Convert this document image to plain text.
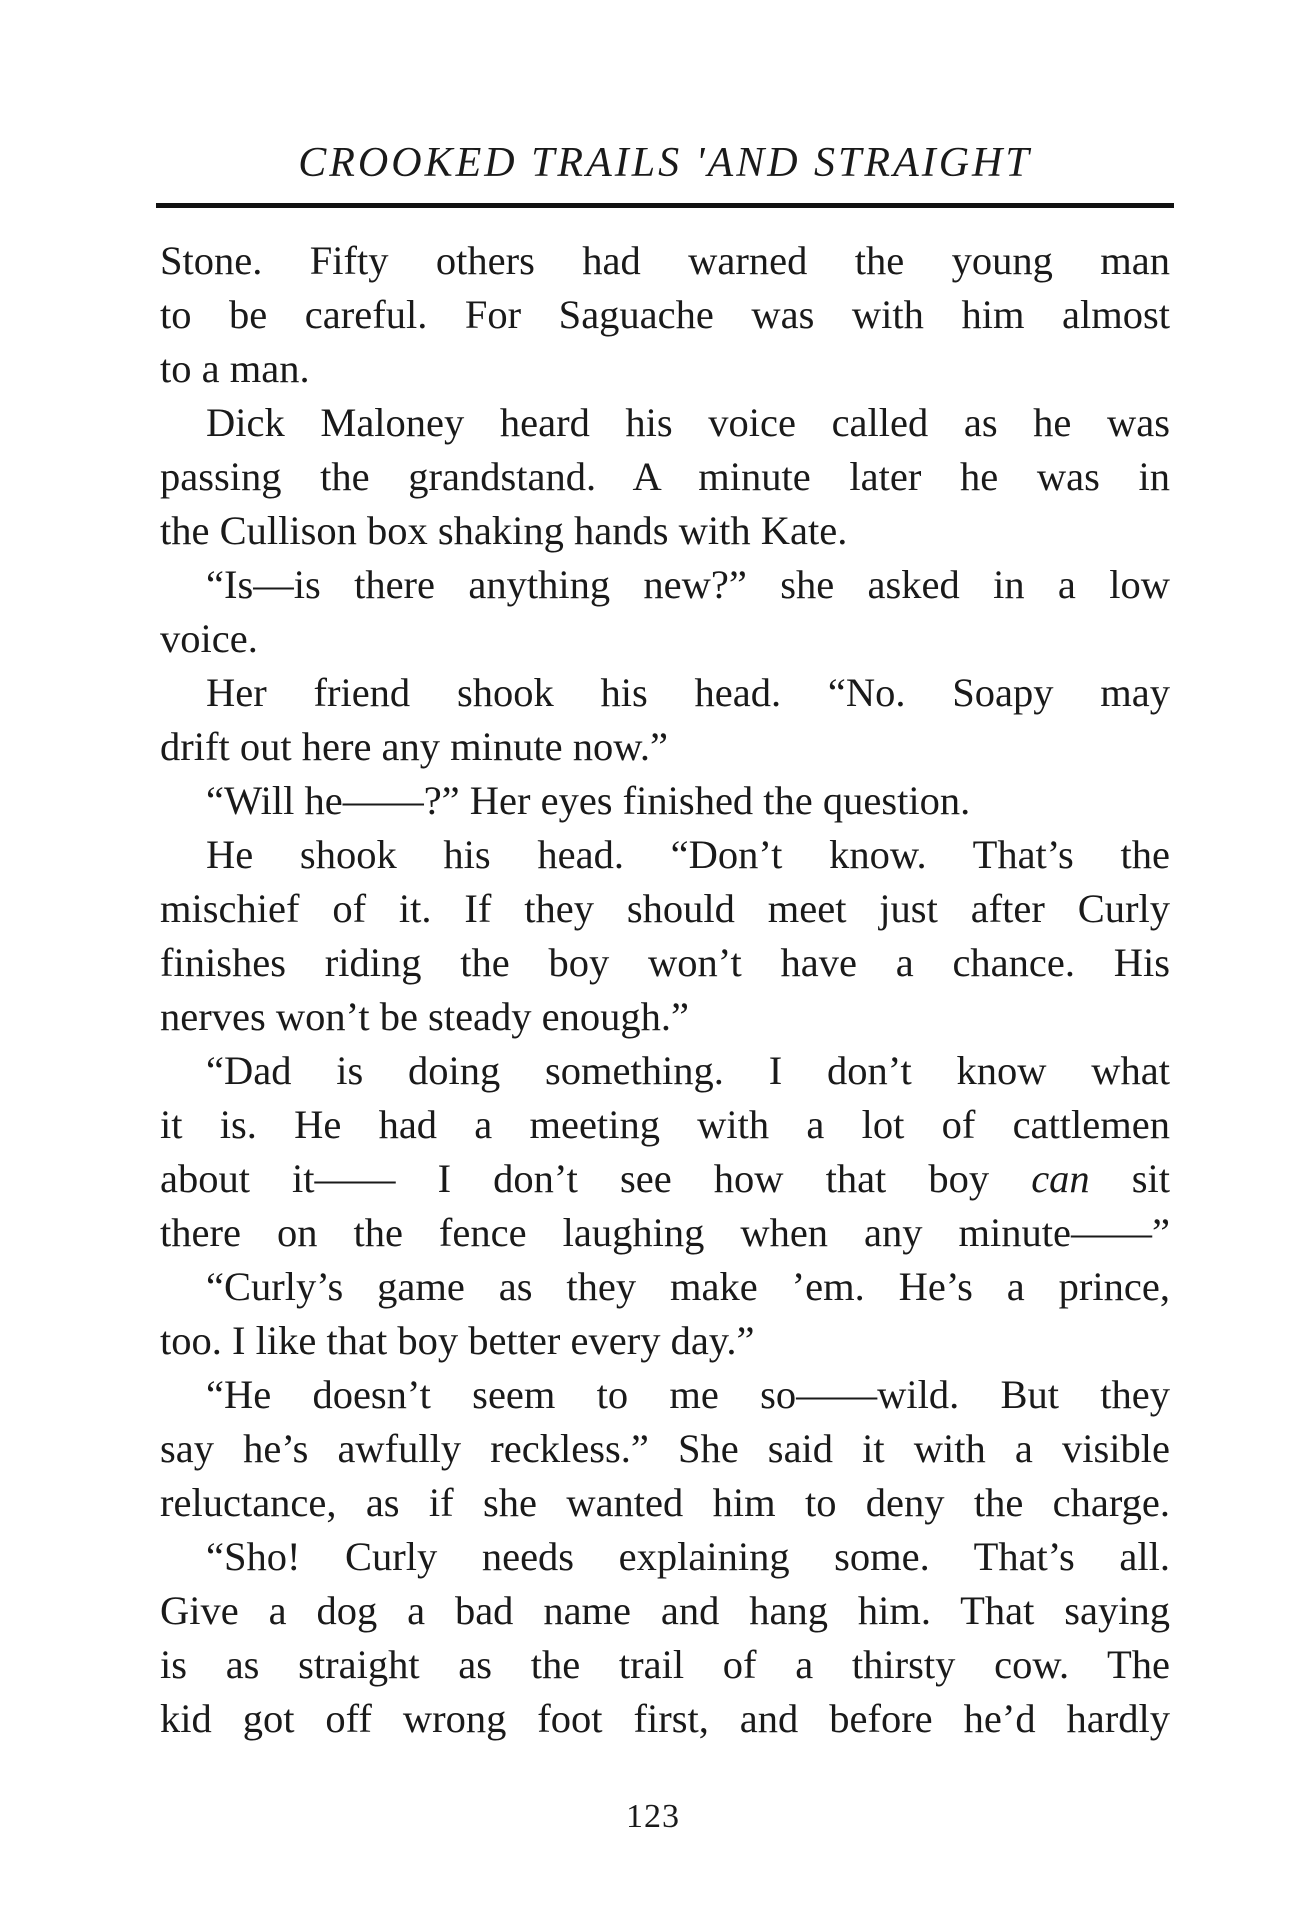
CROOKED TRAILS 'AND STRAIGHT
Stone. Fifty others had warned the young man
to be careful. For Saguache was with him almost
to a man.
Dick Maloney heard his voice called as he was
passing the grandstand. A minute later he was in
the Cullison box shaking hands with Kate.
“Is—is there anything new?” she asked in a low
voice.
Her friend shook his head. “No. Soapy may
drift out here any minute now.”
“Will he——?” Her eyes finished the question.
He shook his head. “Don’t know. That’s the
mischief of it. If they should meet just after Curly
finishes riding the boy won’t have a chance. His
nerves won’t be steady enough.”
“Dad is doing something. I don’t know what
it is. He had a meeting with a lot of cattlemen
about it—— I don’t see how that boy can sit
there on the fence laughing when any minute——”
“Curly’s game as they make ’em. He’s a prince,
too. I like that boy better every day.”
“He doesn’t seem to me so——wild. But they
say he’s awfully reckless.” She said it with a visible
reluctance, as if she wanted him to deny the charge.
“Sho! Curly needs explaining some. That’s all.
Give a dog a bad name and hang him. That saying
is as straight as the trail of a thirsty cow. The
kid got off wrong foot first, and before he’d hardly
123
